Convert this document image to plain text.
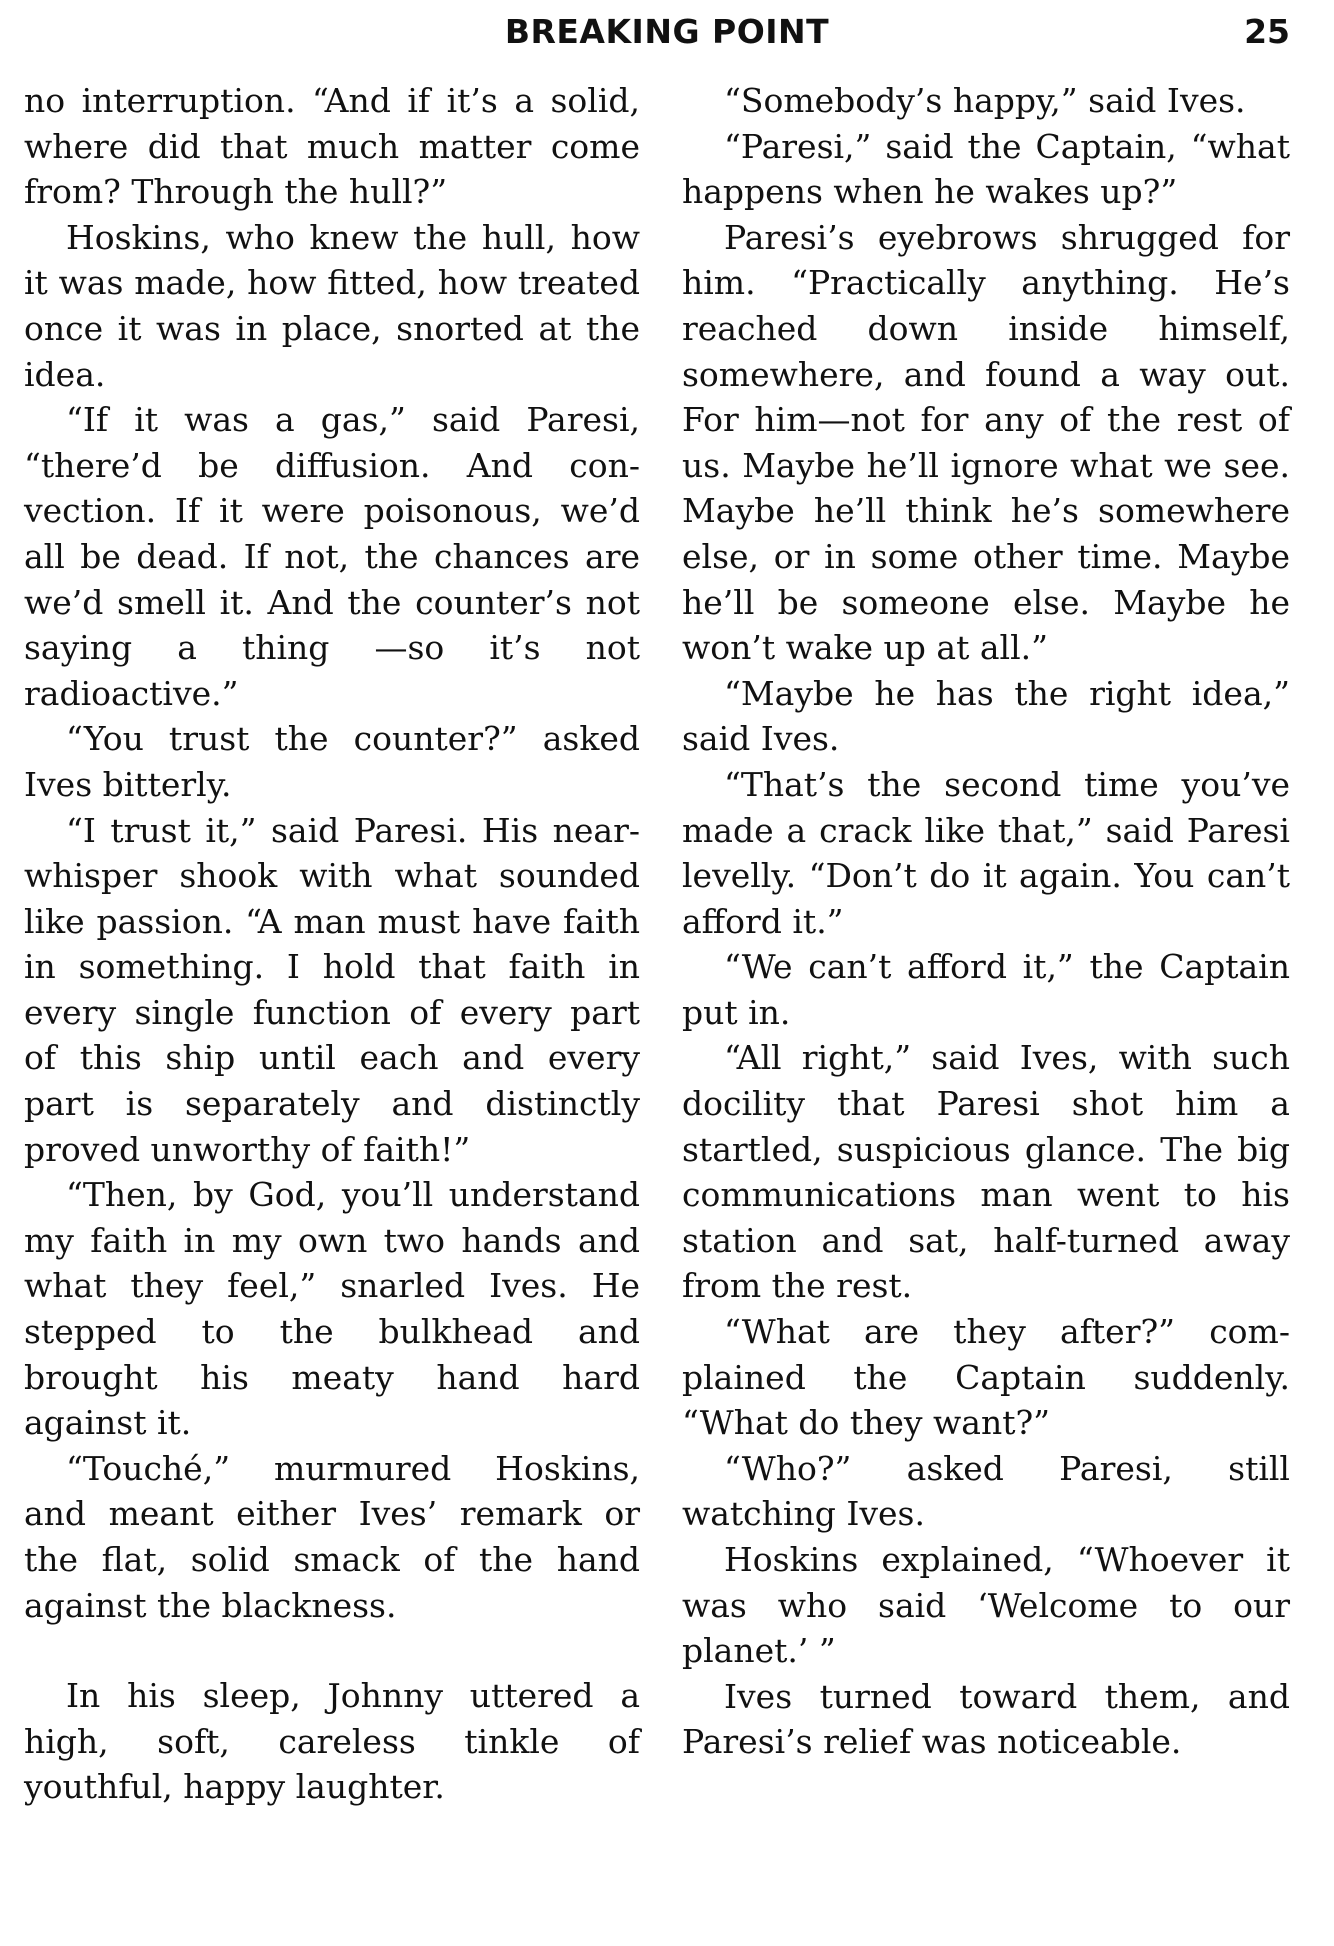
BREAKING POINT	25

no interruption. “And if it’s a solid, where did that much matter come from? Through the hull?”

Hoskins, who knew the hull, how it was made, how fitted, how treated once it was in place, snorted at the idea.

“If it was a gas,” said Paresi, “there’d be diffusion. And convection. If it were poisonous, we’d all be dead. If not, the chances are we’d smell it. And the counter’s not saying a thing —so it’s not radioactive.”

“You trust the counter?” asked Ives bitterly.

“I trust it,” said Paresi. His near-whisper shook with what sounded like passion. “A man must have faith in something. I hold that faith in every single function of every part of this ship until each and every part is separately and distinctly proved unworthy of faith!”

“Then, by God, you’ll understand my faith in my own two hands and what they feel,” snarled Ives. He stepped to the bulkhead and brought his meaty hand hard against it.

“Touché,” murmured Hoskins, and meant either Ives’ remark or the flat, solid smack of the hand against the blackness.

In his sleep, Johnny uttered a high, soft, careless tinkle of youthful, happy laughter.

“Somebody’s happy,” said Ives.

“Paresi,” said the Captain, “what happens when he wakes up?”

Paresi’s eyebrows shrugged for him. “Practically anything. He’s reached down inside himself, somewhere, and found a way out. For him—not for any of the rest of us. Maybe he’ll ignore what we see. Maybe he’ll think he’s somewhere else, or in some other time. Maybe he’ll be someone else. Maybe he won’t wake up at all.”

“Maybe he has the right idea,” said Ives.

“That’s the second time you’ve made a crack like that,” said Paresi levelly. “Don’t do it again. You can’t afford it.”

“We can’t afford it,” the Captain put in.

“All right,” said Ives, with such docility that Paresi shot him a startled, suspicious glance. The big communications man went to his station and sat, half-turned away from the rest.

“What are they after?” complained the Captain suddenly. “What do they want?”

“Who?” asked Paresi, still watching Ives.

Hoskins explained, “Whoever it was who said ‘Welcome to our planet.’ ”

Ives turned toward them, and Paresi’s relief was noticeable.
